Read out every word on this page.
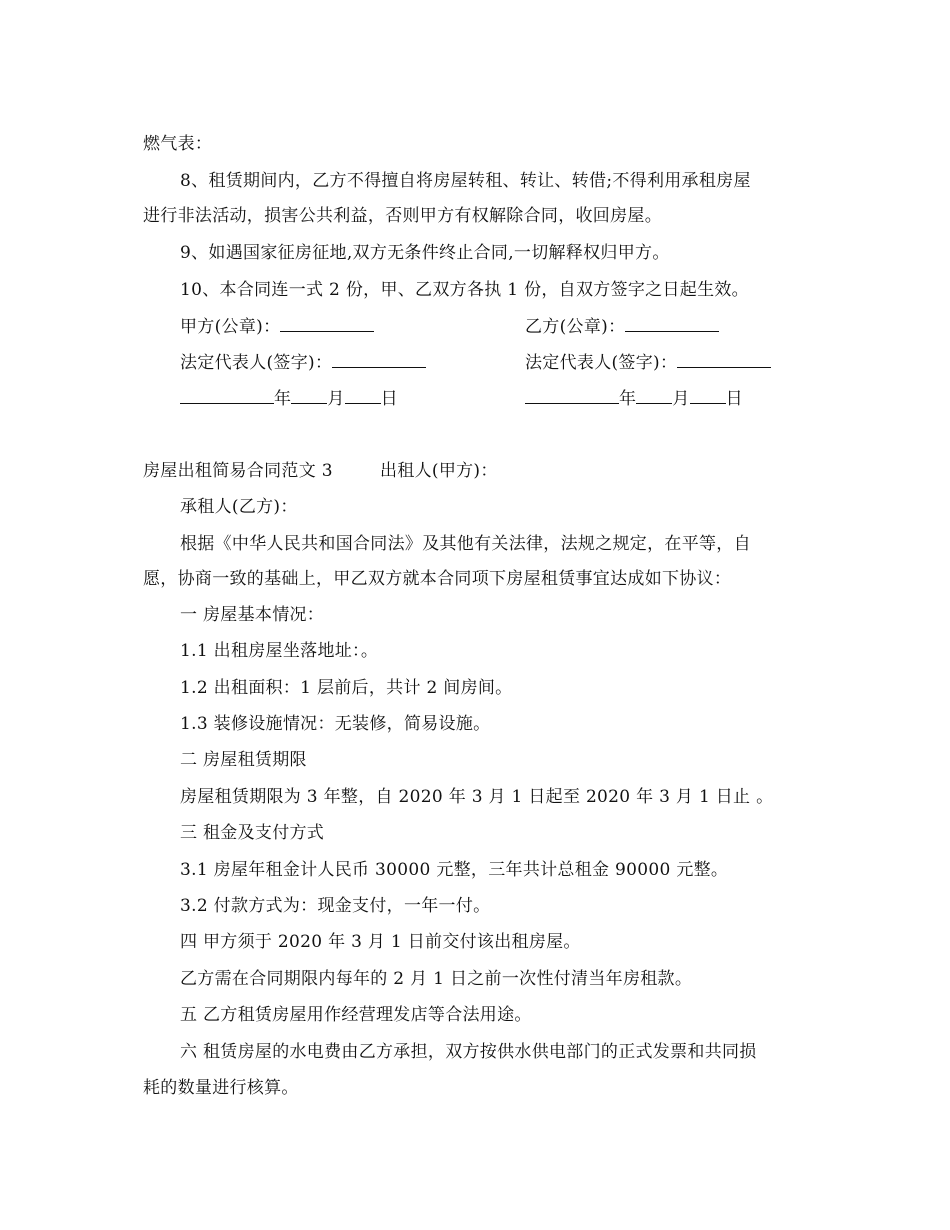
燃气表：
8、租赁期间内，乙方不得擅自将房屋转租、转让、转借;不得利用承租房屋
进行非法活动，损害公共利益，否则甲方有权解除合同，收回房屋。
9、如遇国家征房征地,双方无条件终止合同,一切解释权归甲方。
10、本合同连一式 2 份，甲、乙双方各执 1 份，自双方签字之日起生效。
甲方(公章)：	乙方(公章)：
法定代表人(签字)：	法定代表人(签字)：
年 月 日	年 月 日
房屋出租简易合同范文 3	出租人(甲方)：
承租人(乙方)：
根据《中华人民共和国合同法》及其他有关法律，法规之规定，在平等，自
愿，协商一致的基础上，甲乙双方就本合同项下房屋租赁事宜达成如下协议：
一 房屋基本情况：
1.1 出租房屋坐落地址：。
1.2 出租面积：1 层前后，共计 2 间房间。
1.3 装修设施情况：无装修，简易设施。
二 房屋租赁期限
房屋租赁期限为 3 年整，自 2020 年 3 月 1 日起至 2020 年 3 月 1 日止 。
三 租金及支付方式
3.1 房屋年租金计人民币 30000 元整，三年共计总租金 90000 元整。
3.2 付款方式为：现金支付，一年一付。
四 甲方须于 2020 年 3 月 1 日前交付该出租房屋。
乙方需在合同期限内每年的 2 月 1 日之前一次性付清当年房租款。
五 乙方租赁房屋用作经营理发店等合法用途。
六 租赁房屋的水电费由乙方承担，双方按供水供电部门的正式发票和共同损
耗的数量进行核算。
